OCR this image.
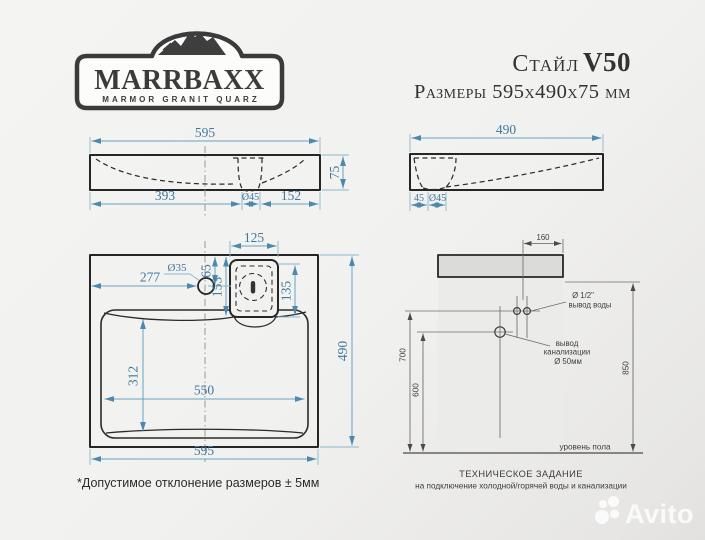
MARRBAXX
MARMOR GRANIT QUARZ
595
75
393	Ø45 152
490
45 Ø45
125
Ø35
277	65
153	135
312
550
490
595
160
Ø 1/2"
вывод воды
вывод
канализации
Ø 50мм
700
600
850
уровень пола
ТЕХНИЧЕСКОЕ ЗАДАНИЕ
на подключение холодной/горячей воды и канализации
Стайл V50
Размеры 595х490х75 мм
*Допустимое отклонение размеров ± 5мм
Avito
